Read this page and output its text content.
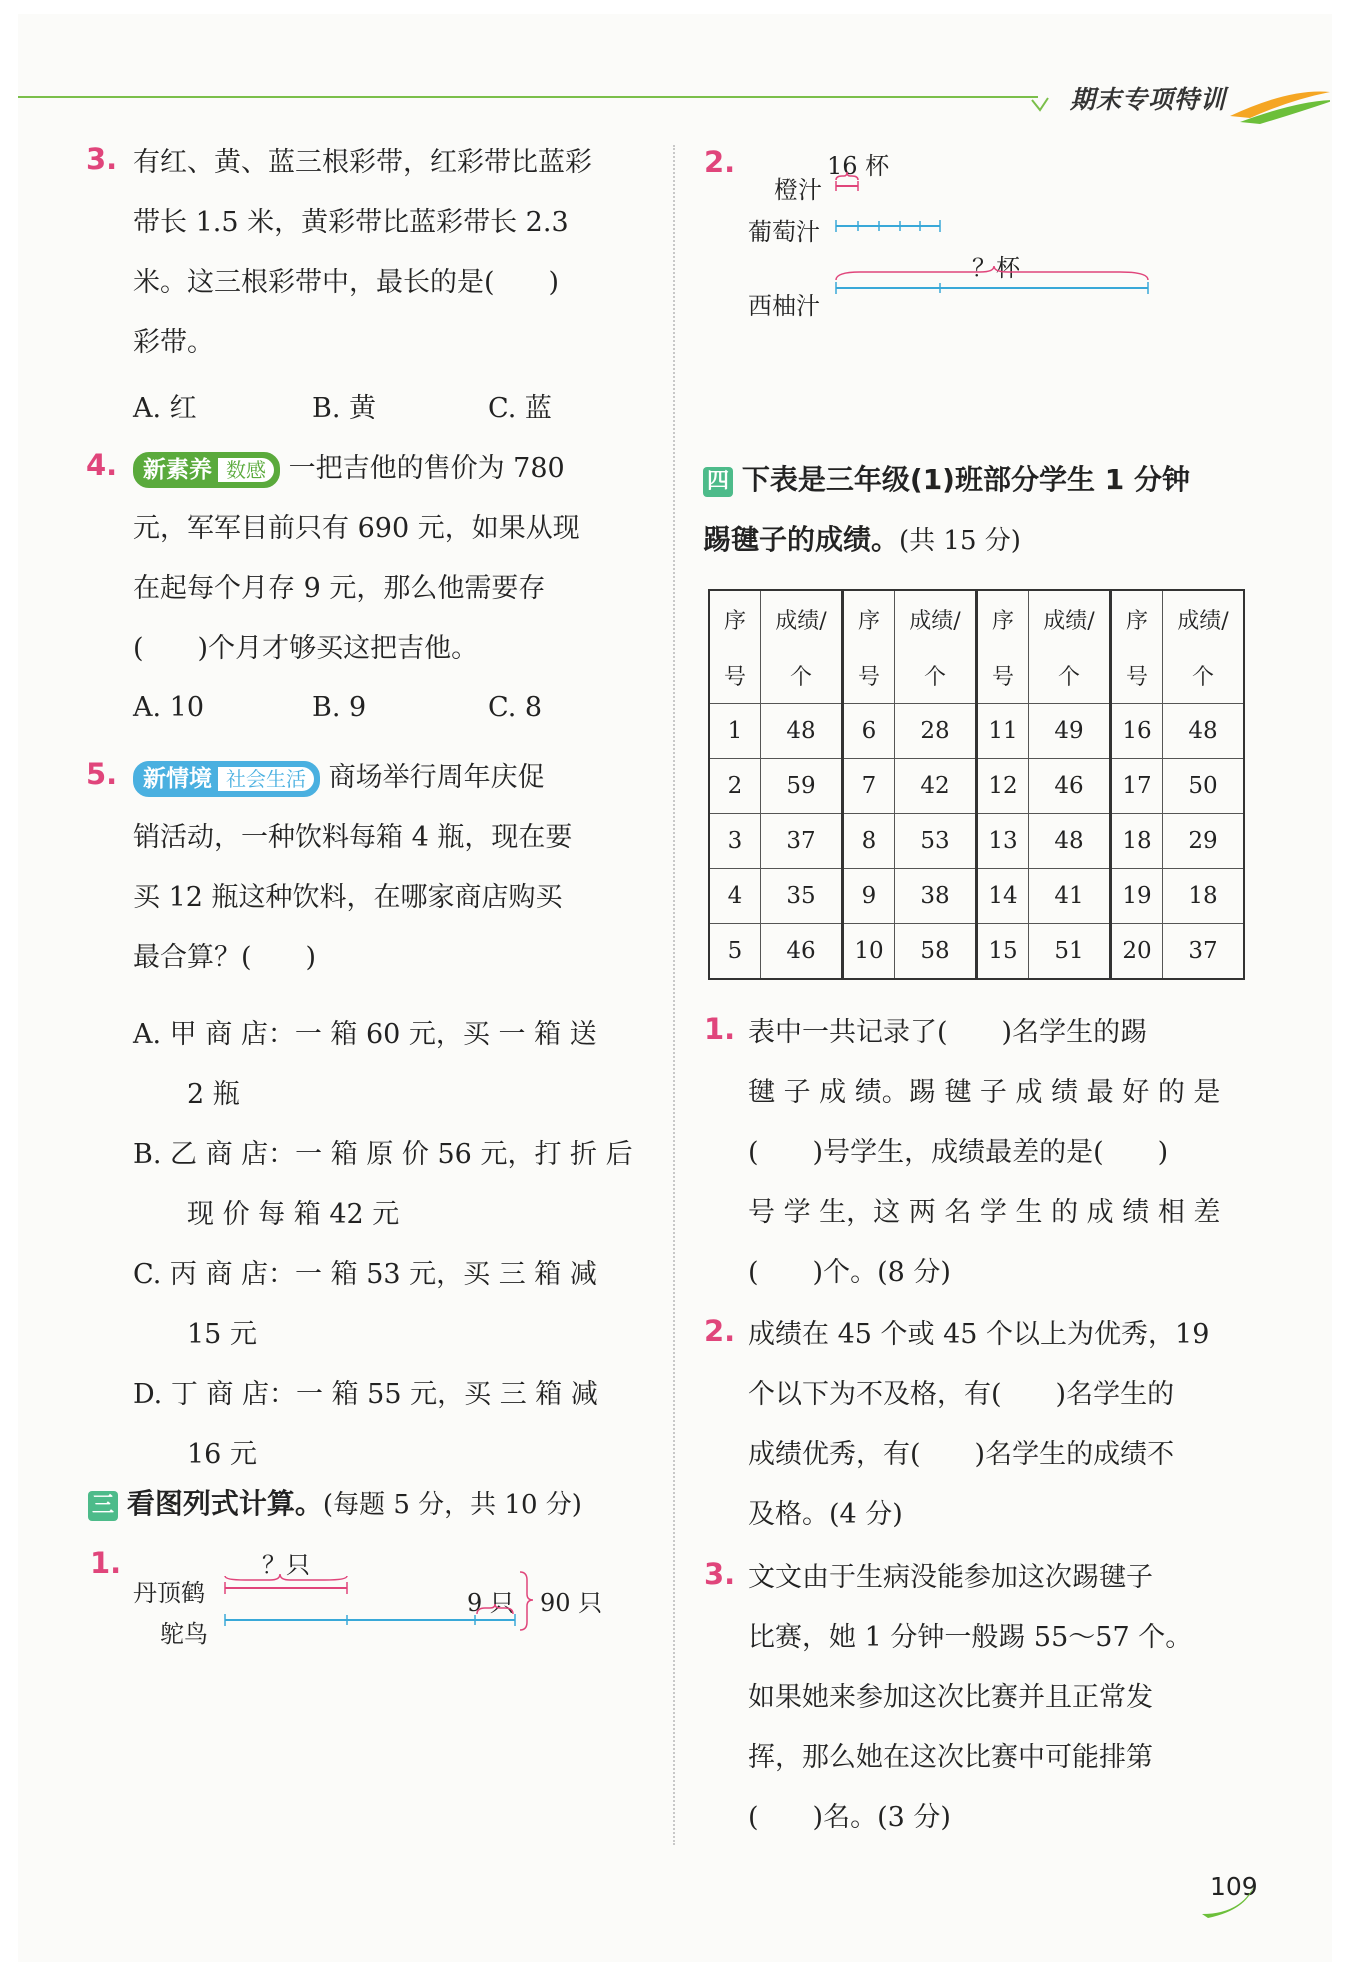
期末专项特训
3. 有红、黄、蓝三根彩带，红彩带比蓝彩
带长 1.5 米，黄彩带比蓝彩带长 2.3
米。这三根彩带中，最长的是(　　)
彩带。
A. 红	B. 黄	C. 蓝
4.	新素养 数感 一把吉他的售价为 780
元，军军目前只有 690 元，如果从现
在起每个月存 9 元，那么他需要存
(　　)个月才够买这把吉他。
A. 10	B. 9	C. 8
5.	新情境 社会生活 商场举行周年庆促
销活动，一种饮料每箱 4 瓶，现在要
买 12 瓶这种饮料，在哪家商店购买
最合算？(　　)
A. 甲 商 店：一 箱 60 元，买 一 箱 送
2 瓶
B. 乙 商 店：一 箱 原 价 56 元，打 折 后
现 价 每 箱 42 元
C. 丙 商 店：一 箱 53 元，买 三 箱 减
15 元
D. 丁 商 店：一 箱 55 元，买 三 箱 减
16 元
三 看图列式计算。(每题 5 分，共 10 分)
1.
丹顶鹤
鸵鸟
？只
9 只 90 只
2.	16 杯
橙汁
葡萄汁
？杯
西柚汁
四 下表是三年级(1)班部分学生 1 分钟
踢毽子的成绩。(共 15 分)
序	成绩/	序	成绩/	序	成绩/	序	成绩/
号	个	号	个	号	个	号	个
1	48	6	28	11	49	16	48
2	59	7	42	12	46	17	50
3	37	8	53	13	48	18	29
4	35	9	38	14	41	19	18
5	46	10	58	15	51	20	37
1. 表中一共记录了(　　)名学生的踢
毽 子 成 绩。踢 毽 子 成 绩 最 好 的 是
(　　)号学生，成绩最差的是(　　)
号 学 生，这 两 名 学 生 的 成 绩 相 差
(　　)个。(8 分)
2. 成绩在 45 个或 45 个以上为优秀，19
个以下为不及格，有(　　)名学生的
成绩优秀，有(　　)名学生的成绩不
及格。(4 分)
3. 文文由于生病没能参加这次踢毽子
比赛，她 1 分钟一般踢 55～57 个。
如果她来参加这次比赛并且正常发
挥，那么她在这次比赛中可能排第
(　　)名。(3 分)
109
